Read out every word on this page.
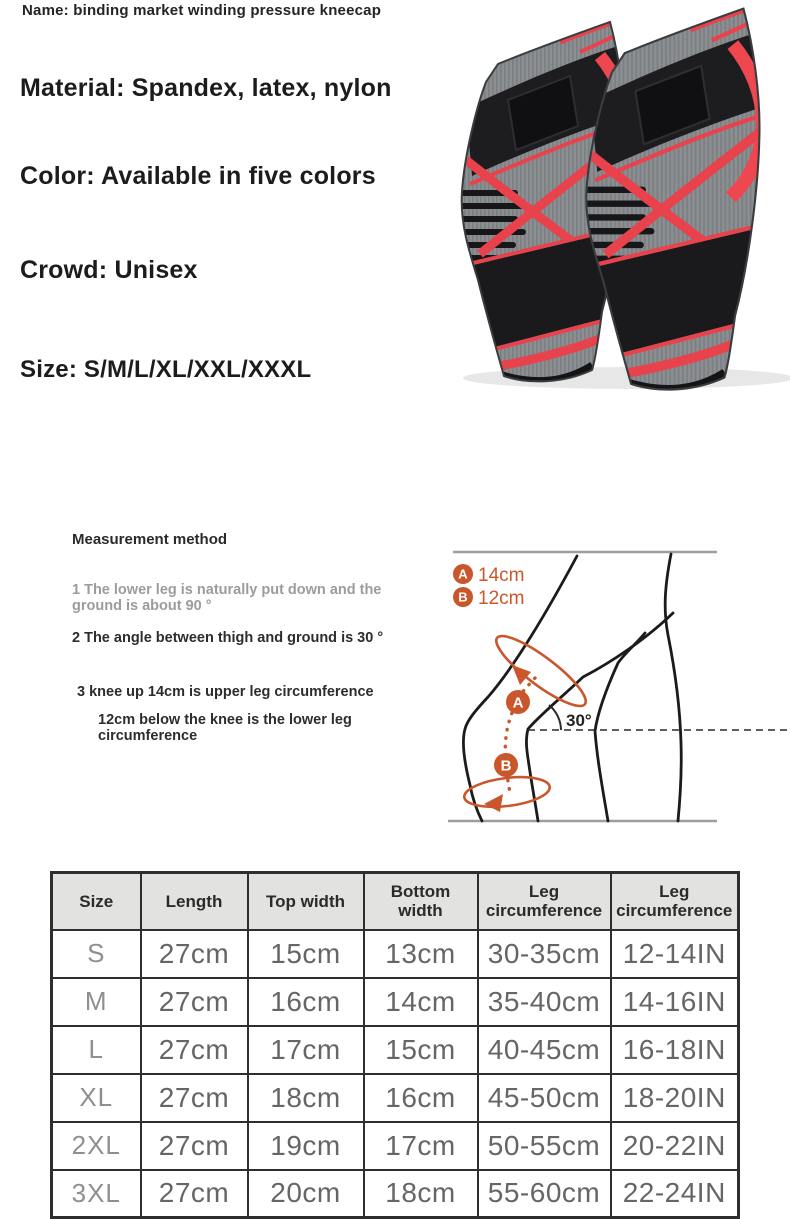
Name: binding market winding pressure kneecap
Material: Spandex, latex, nylon
Color: Available in five colors
Crowd: Unisex
Size: S/M/L/XL/XXL/XXXL
Measurement method
1 The lower leg is naturally put down and the ground is about 90 °
2 The angle between thigh and ground is 30 °
3 knee up 14cm is upper leg circumference
12cm below the knee is the lower leg circumference
30°
A
B
A 14cm
B 12cm
Size	Length	Top width	Bottom width	Leg circumference	Leg circumference
S	27cm	15cm	13cm	30-35cm	12-14IN
M	27cm	16cm	14cm	35-40cm	14-16IN
L	27cm	17cm	15cm	40-45cm	16-18IN
XL	27cm	18cm	16cm	45-50cm	18-20IN
2XL	27cm	19cm	17cm	50-55cm	20-22IN
3XL	27cm	20cm	18cm	55-60cm	22-24IN
